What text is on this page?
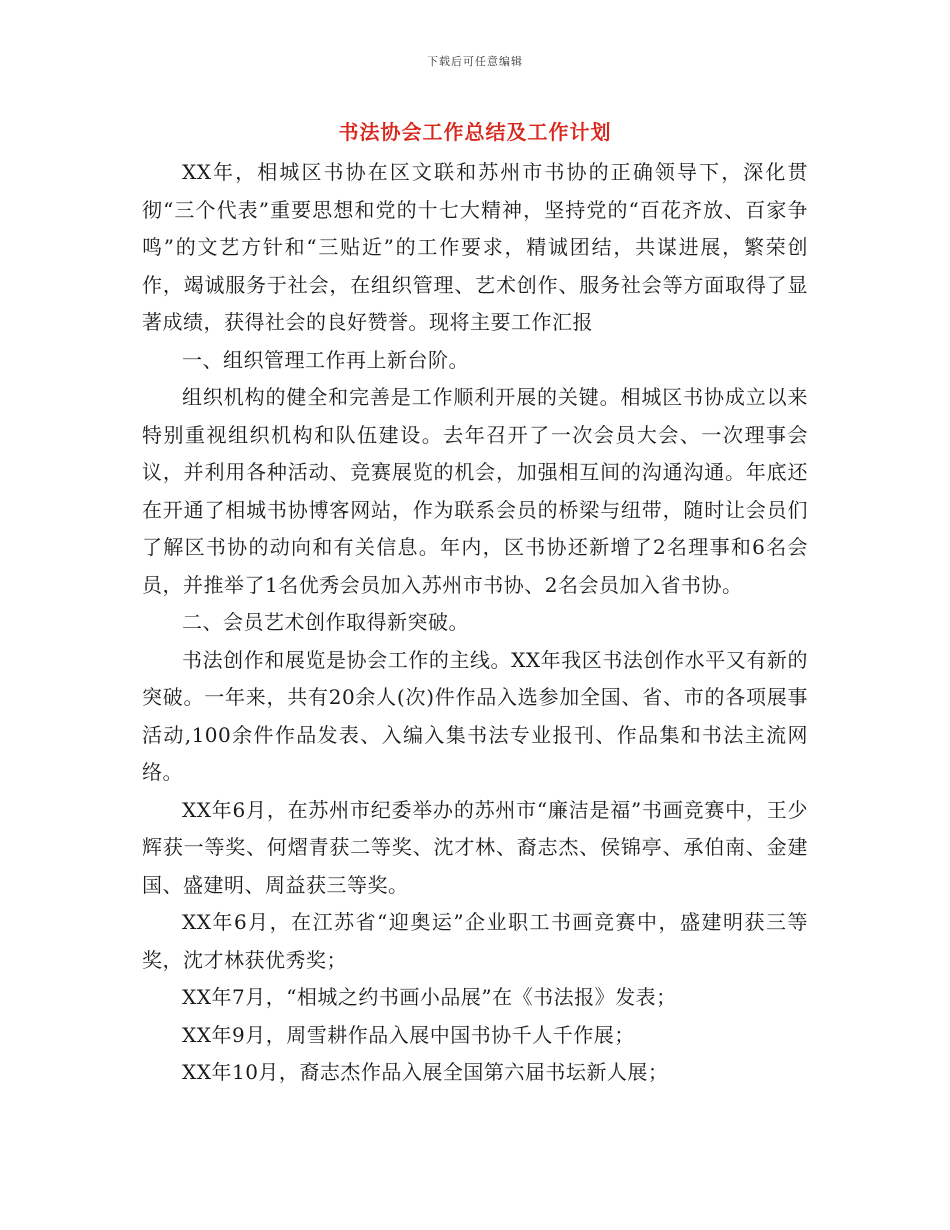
下载后可任意编辑
书法协会工作总结及工作计划

XX年，相城区书协在区文联和苏州市书协的正确领导下，深化贯彻“三个代表”重要思想和党的十七大精神，坚持党的“百花齐放、百家争鸣”的文艺方针和“三贴近”的工作要求，精诚团结，共谋进展，繁荣创作，竭诚服务于社会，在组织管理、艺术创作、服务社会等方面取得了显著成绩，获得社会的良好赞誉。现将主要工作汇报

一、组织管理工作再上新台阶。

组织机构的健全和完善是工作顺利开展的关键。相城区书协成立以来特别重视组织机构和队伍建设。去年召开了一次会员大会、一次理事会议，并利用各种活动、竞赛展览的机会，加强相互间的沟通沟通。年底还在开通了相城书协博客网站，作为联系会员的桥梁与纽带，随时让会员们了解区书协的动向和有关信息。年内，区书协还新增了2名理事和6名会员，并推举了1名优秀会员加入苏州市书协、2名会员加入省书协。

二、会员艺术创作取得新突破。

书法创作和展览是协会工作的主线。XX年我区书法创作水平又有新的突破。一年来，共有20余人(次)件作品入选参加全国、省、市的各项展事活动,100余件作品发表、入编入集书法专业报刊、作品集和书法主流网络。

XX年6月，在苏州市纪委举办的苏州市“廉洁是福”书画竞赛中，王少辉获一等奖、何熠青获二等奖、沈才林、裔志杰、侯锦亭、承伯南、金建国、盛建明、周益获三等奖。

XX年6月，在江苏省“迎奥运”企业职工书画竞赛中，盛建明获三等奖，沈才林获优秀奖；

XX年7月，“相城之约书画小品展”在《书法报》发表；

XX年9月，周雪耕作品入展中国书协千人千作展；

XX年10月，裔志杰作品入展全国第六届书坛新人展；
